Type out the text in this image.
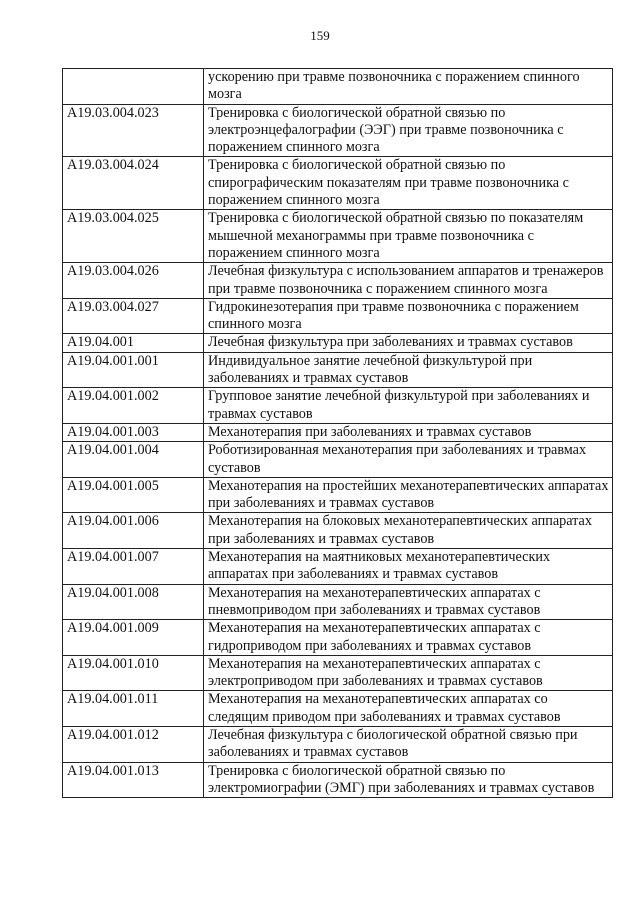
159
	ускорению при травме позвоночника с поражением спинного мозга
A19.03.004.023	Тренировка с биологической обратной связью по электроэнцефалографии (ЭЭГ) при травме позвоночника с поражением спинного мозга
A19.03.004.024	Тренировка с биологической обратной связью по спирографическим показателям при травме позвоночника с поражением спинного мозга
A19.03.004.025	Тренировка с биологической обратной связью по показателям мышечной механограммы при травме позвоночника с поражением спинного мозга
A19.03.004.026	Лечебная физкультура с использованием аппаратов и тренажеров при травме позвоночника с поражением спинного мозга
A19.03.004.027	Гидрокинезотерапия при травме позвоночника с поражением спинного мозга
A19.04.001	Лечебная физкультура при заболеваниях и травмах суставов
A19.04.001.001	Индивидуальное занятие лечебной физкультурой при заболеваниях и травмах суставов
A19.04.001.002	Групповое занятие лечебной физкультурой при заболеваниях и травмах суставов
A19.04.001.003	Механотерапия при заболеваниях и травмах суставов
A19.04.001.004	Роботизированная механотерапия при заболеваниях и травмах суставов
A19.04.001.005	Механотерапия на простейших механотерапевтических аппаратах при заболеваниях и травмах суставов
A19.04.001.006	Механотерапия на блоковых механотерапевтических аппаратах при заболеваниях и травмах суставов
A19.04.001.007	Механотерапия на маятниковых механотерапевтических аппаратах при заболеваниях и травмах суставов
A19.04.001.008	Механотерапия на механотерапевтических аппаратах с пневмоприводом при заболеваниях и травмах суставов
A19.04.001.009	Механотерапия на механотерапевтических аппаратах с гидроприводом при заболеваниях и травмах суставов
A19.04.001.010	Механотерапия на механотерапевтических аппаратах с электроприводом при заболеваниях и травмах суставов
A19.04.001.011	Механотерапия на механотерапевтических аппаратах со следящим приводом при заболеваниях и травмах суставов
A19.04.001.012	Лечебная физкультура с биологической обратной связью при заболеваниях и травмах суставов
A19.04.001.013	Тренировка с биологической обратной связью по электромиографии (ЭМГ) при заболеваниях и травмах суставов
